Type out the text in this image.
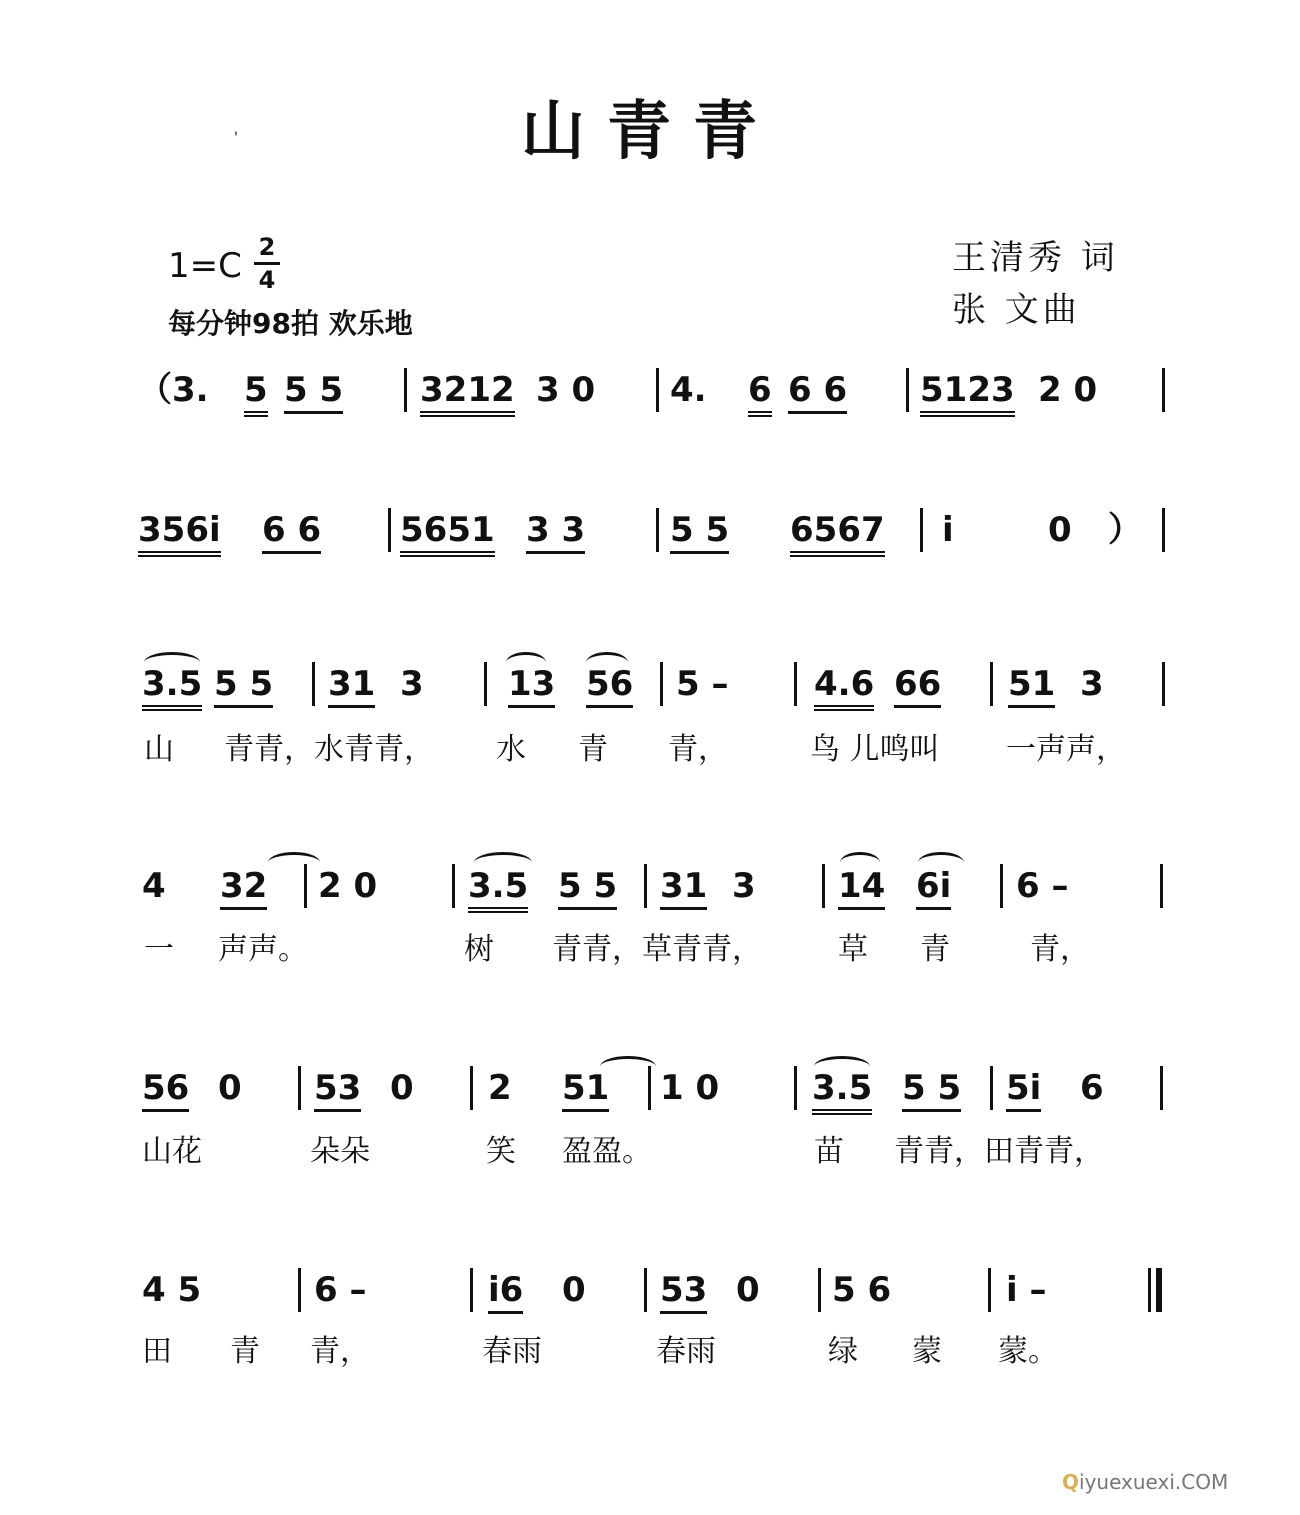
山青青
'
1=C 2
4
每分钟98拍 欢乐地
王清秀 词
张 文曲
（3. 5 5 5 3212 3 0 4. 6 6 6 5123 2 0
356i 6 6 5651 3 3 5 5 6567 i	0 ）
3.5 5 5 31 3 13 56 5 –	4.6 66 51 3
山 青青，水青青， 水 青 青，	鸟 儿鸣叫 一声声，
4 32 2 0	3.5 5 5 31 3 14 6i 6 –
一 声声。	树 青青，草青青，	草 青	青，
56 0 53 0 2 51 1 0	3.5 5 5 5i 6
山花	朵朵	笑 盈盈。	苗 青青，田青青，
4 5	6 –	i6 0 53 0 5 6	i –
田 青 青，	春雨	春雨	绿 蒙 蒙。
Qiyuexuexi.COM
